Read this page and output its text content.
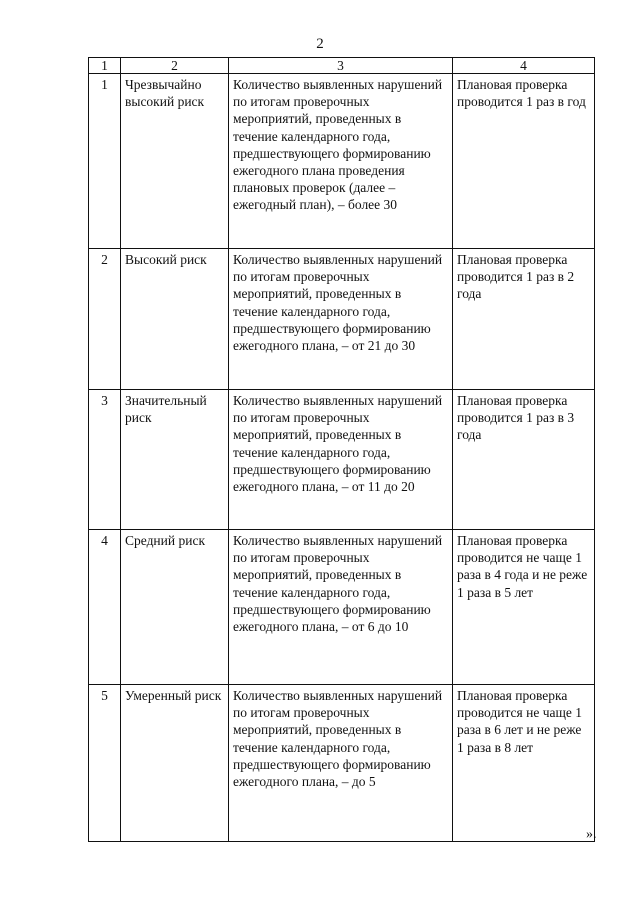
2
1	2	3	4
1	Чрезвычайно высокий риск	Количество выявленных нарушений по итогам проверочных мероприятий, проведенных в течение календарного года, предшествующего формированию ежегодного плана проведения плановых проверок (далее – ежегодный план), – более 30	Плановая проверка проводится 1 раз в год
2	Высокий риск	Количество выявленных нарушений по итогам проверочных мероприятий, проведенных в течение календарного года, предшествующего формированию ежегодного плана, – от 21 до 30	Плановая проверка проводится 1 раз в 2 года
3	Значительный риск	Количество выявленных нарушений по итогам проверочных мероприятий, проведенных в течение календарного года, предшествующего формированию ежегодного плана, – от 11 до 20	Плановая проверка проводится 1 раз в 3 года
4	Средний риск	Количество выявленных нарушений по итогам проверочных мероприятий, проведенных в течение календарного года, предшествующего формированию ежегодного плана, – от 6 до 10	Плановая проверка проводится не чаще 1 раза в 4 года и не реже 1 раза в 5 лет
5	Умеренный риск	Количество выявленных нарушений по итогам проверочных мероприятий, проведенных в течение календарного года, предшествующего формированию ежегодного плана, – до 5	Плановая проверка проводится не чаще 1 раза в 6 лет и не реже 1 раза в 8 лет
».
